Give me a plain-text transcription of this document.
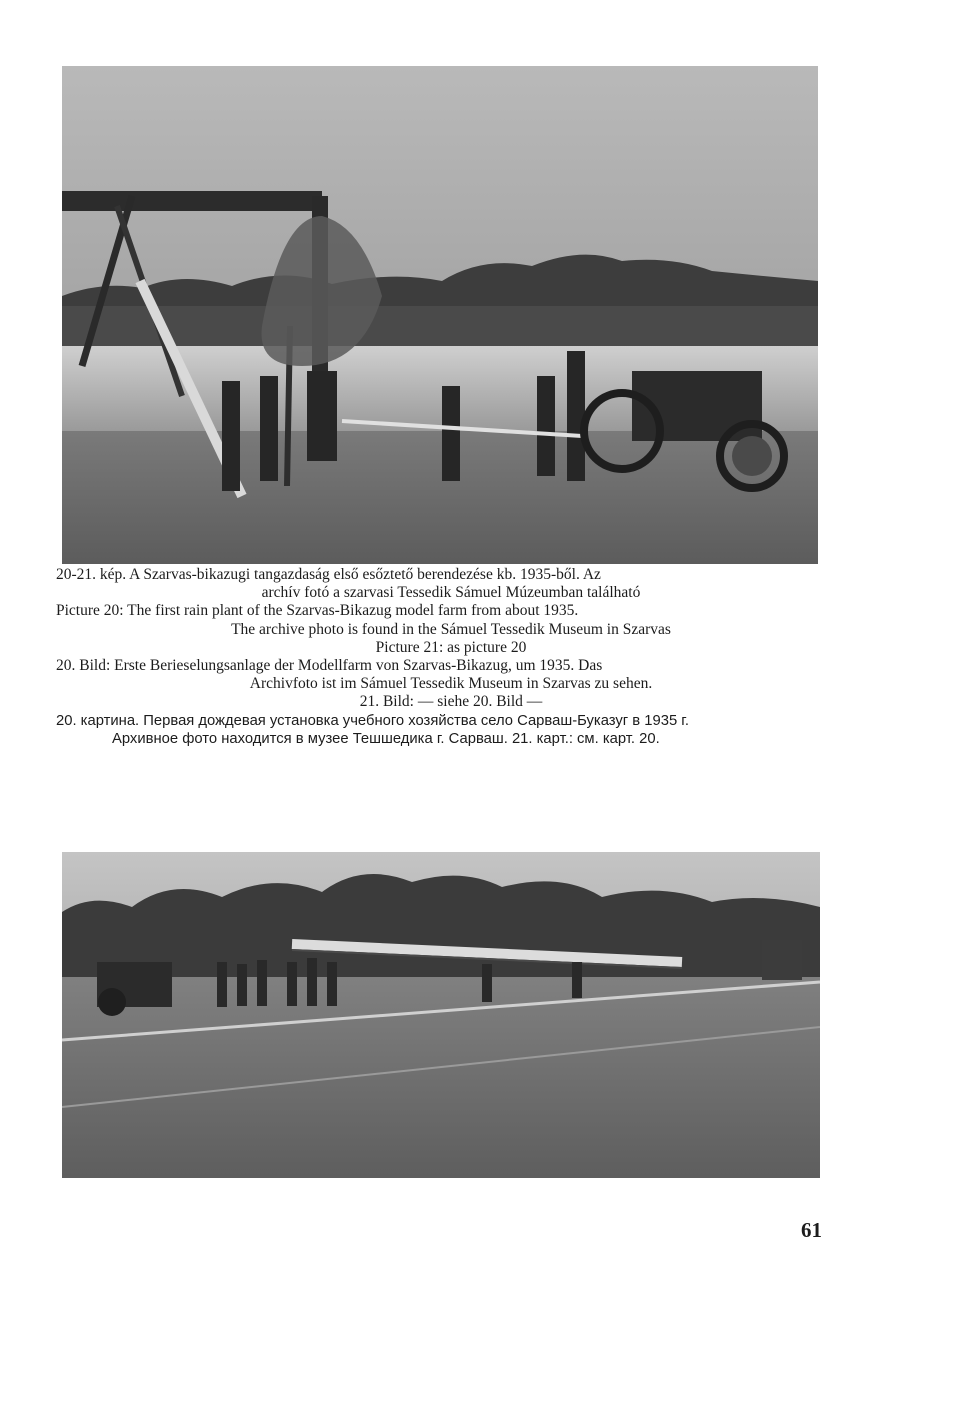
20-21. kép. A Szarvas-bikazugi tangazdaság első esőztető berendezése kb. 1935-ből. Az

archív fotó a szarvasi Tessedik Sámuel Múzeumban található

Picture 20: The first rain plant of the Szarvas-Bikazug model farm from about 1935.

The archive photo is found in the Sámuel Tessedik Museum in Szarvas
Picture 21: as picture 20

20. Bild: Erste Berieselungsanlage der Modellfarm von Szarvas-Bikazug, um 1935. Das

Archivfoto ist im Sámuel Tessedik Museum in Szarvas zu sehen.
21. Bild: — siehe 20. Bild —

20. картина. Первая дождевая установка учебного хозяйства село Сарваш-Буказуг в 1935 г.
Архивное фото находится в музее Тешшедика г. Сарваш. 21. карт.: см. карт. 20.

61
